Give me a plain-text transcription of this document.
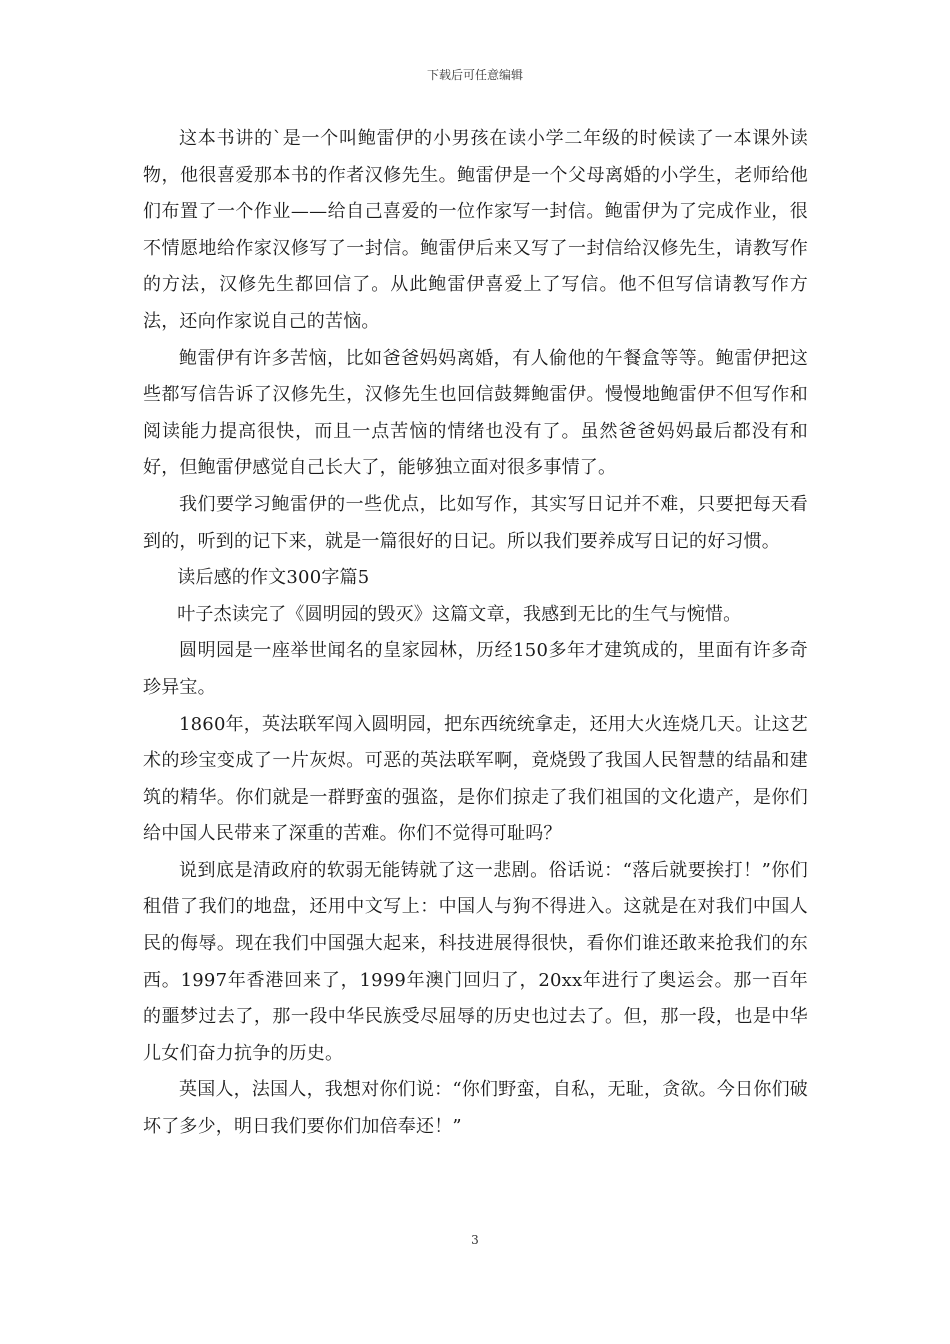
下载后可任意编辑

这本书讲的`是一个叫鲍雷伊的小男孩在读小学二年级的时候读了一本课外读物，他很喜爱那本书的作者汉修先生。鲍雷伊是一个父母离婚的小学生，老师给他们布置了一个作业——给自己喜爱的一位作家写一封信。鲍雷伊为了完成作业，很不情愿地给作家汉修写了一封信。鲍雷伊后来又写了一封信给汉修先生，请教写作的方法，汉修先生都回信了。从此鲍雷伊喜爱上了写信。他不但写信请教写作方法，还向作家说自己的苦恼。

鲍雷伊有许多苦恼，比如爸爸妈妈离婚，有人偷他的午餐盒等等。鲍雷伊把这些都写信告诉了汉修先生，汉修先生也回信鼓舞鲍雷伊。慢慢地鲍雷伊不但写作和阅读能力提高很快，而且一点苦恼的情绪也没有了。虽然爸爸妈妈最后都没有和好，但鲍雷伊感觉自己长大了，能够独立面对很多事情了。

我们要学习鲍雷伊的一些优点，比如写作，其实写日记并不难，只要把每天看到的，听到的记下来，就是一篇很好的日记。所以我们要养成写日记的好习惯。

读后感的作文300字篇5

叶子杰读完了《圆明园的毁灭》这篇文章，我感到无比的生气与惋惜。

圆明园是一座举世闻名的皇家园林，历经150多年才建筑成的，里面有许多奇珍异宝。

1860年，英法联军闯入圆明园，把东西统统拿走，还用大火连烧几天。让这艺术的珍宝变成了一片灰烬。可恶的英法联军啊，竟烧毁了我国人民智慧的结晶和建筑的精华。你们就是一群野蛮的强盗，是你们掠走了我们祖国的文化遗产，是你们给中国人民带来了深重的苦难。你们不觉得可耻吗？

说到底是清政府的软弱无能铸就了这一悲剧。俗话说：“落后就要挨打！”你们租借了我们的地盘，还用中文写上：中国人与狗不得进入。这就是在对我们中国人民的侮辱。现在我们中国强大起来，科技进展得很快，看你们谁还敢来抢我们的东西。1997年香港回来了，1999年澳门回归了，20xx年进行了奥运会。那一百年的噩梦过去了，那一段中华民族受尽屈辱的历史也过去了。但，那一段，也是中华儿女们奋力抗争的历史。

英国人，法国人，我想对你们说：“你们野蛮，自私，无耻，贪欲。今日你们破坏了多少，明日我们要你们加倍奉还！”

3
